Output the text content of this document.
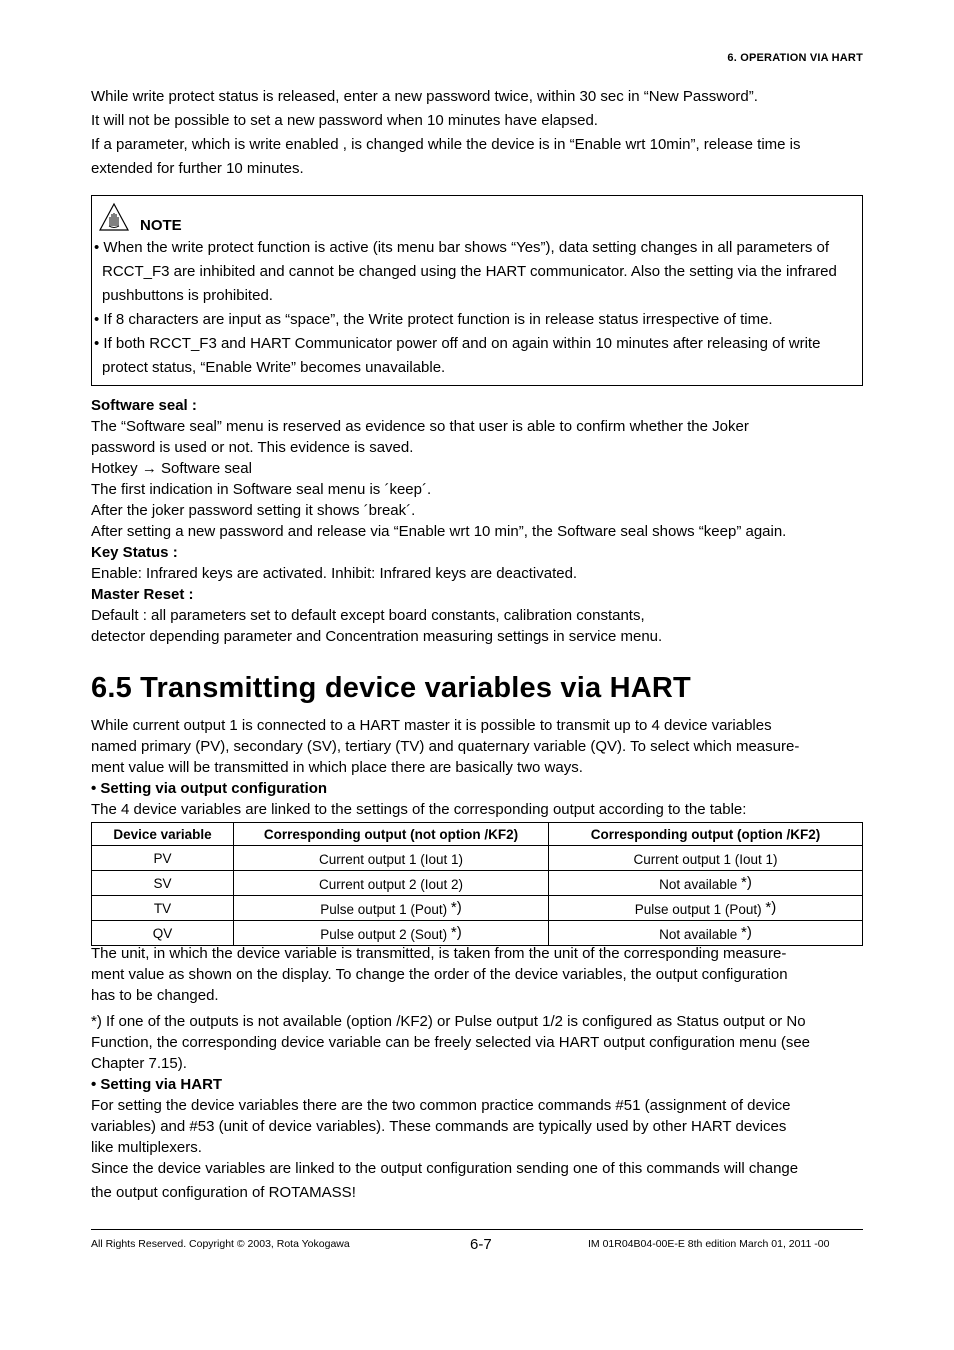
6. OPERATION VIA HART
While write protect status is released, enter a new password twice, within 30 sec in “New Password”.
It will not be possible to set a new password when 10 minutes have elapsed.
If a parameter, which is write enabled , is changed while the device is in “Enable wrt 10min”, release time is
extended for further 10 minutes.
NOTE
• When the write protect function is active (its menu bar shows “Yes”), data setting changes in all parameters of RCCT_F3 are inhibited and cannot be changed using the HART communicator. Also the setting via the infrared pushbuttons is prohibited.
• If 8 characters are input as “space”, the Write protect function is in release status irrespective of time.
• If both RCCT_F3 and HART Communicator power off and on again within 10 minutes after releasing of write protect status, “Enable Write” becomes unavailable.
Software seal :
The “Software seal” menu is reserved as evidence so that user is able to confirm whether the Joker
password is used or not. This evidence is saved.
Hotkey → Software seal
The first indication in Software seal menu is ´keep´.
After the joker password setting it shows ´break´.
After setting a new password and release via “Enable wrt 10 min”, the Software seal shows “keep” again.
Key Status :
Enable: Infrared keys are activated. Inhibit: Infrared keys are deactivated.
Master Reset :
Default : all parameters set to default except board constants, calibration constants,
detector depending parameter and Concentration measuring settings in service menu.
6.5 Transmitting device variables via HART
While current output 1 is connected to a HART master it is possible to transmit up to 4 device variables
named primary (PV), secondary (SV), tertiary (TV) and quaternary variable (QV). To select which measure-
ment value will be transmitted in which place there are basically two ways.
• Setting via output configuration
The 4 device variables are linked to the settings of the corresponding output according to the table:
Device variable	Corresponding output (not option /KF2)	Corresponding output (option /KF2)
PV	Current output 1 (Iout 1)	Current output 1 (Iout 1)
SV	Current output 2 (Iout 2)	Not available *)
TV	Pulse output 1 (Pout) *)	Pulse output 1 (Pout) *)
QV	Pulse output 2 (Sout) *)	Not available *)
The unit, in which the device variable is transmitted, is taken from the unit of the corresponding measure-
ment value as shown on the display. To change the order of the device variables, the output configuration
has to be changed.
*) If one of the outputs is not available (option /KF2) or Pulse output 1/2 is configured as Status output or No
Function, the corresponding device variable can be freely selected via HART output configuration menu (see
Chapter 7.15).
• Setting via HART
For setting the device variables there are the two common practice commands #51 (assignment of device
variables) and #53 (unit of device variables). These commands are typically used by other HART devices
like multiplexers.
Since the device variables are linked to the output configuration sending one of this commands will change
the output configuration of ROTAMASS!
All Rights Reserved. Copyright © 2003, Rota Yokogawa	6-7	IM 01R04B04-00E-E 8th edition March 01, 2011 -00
